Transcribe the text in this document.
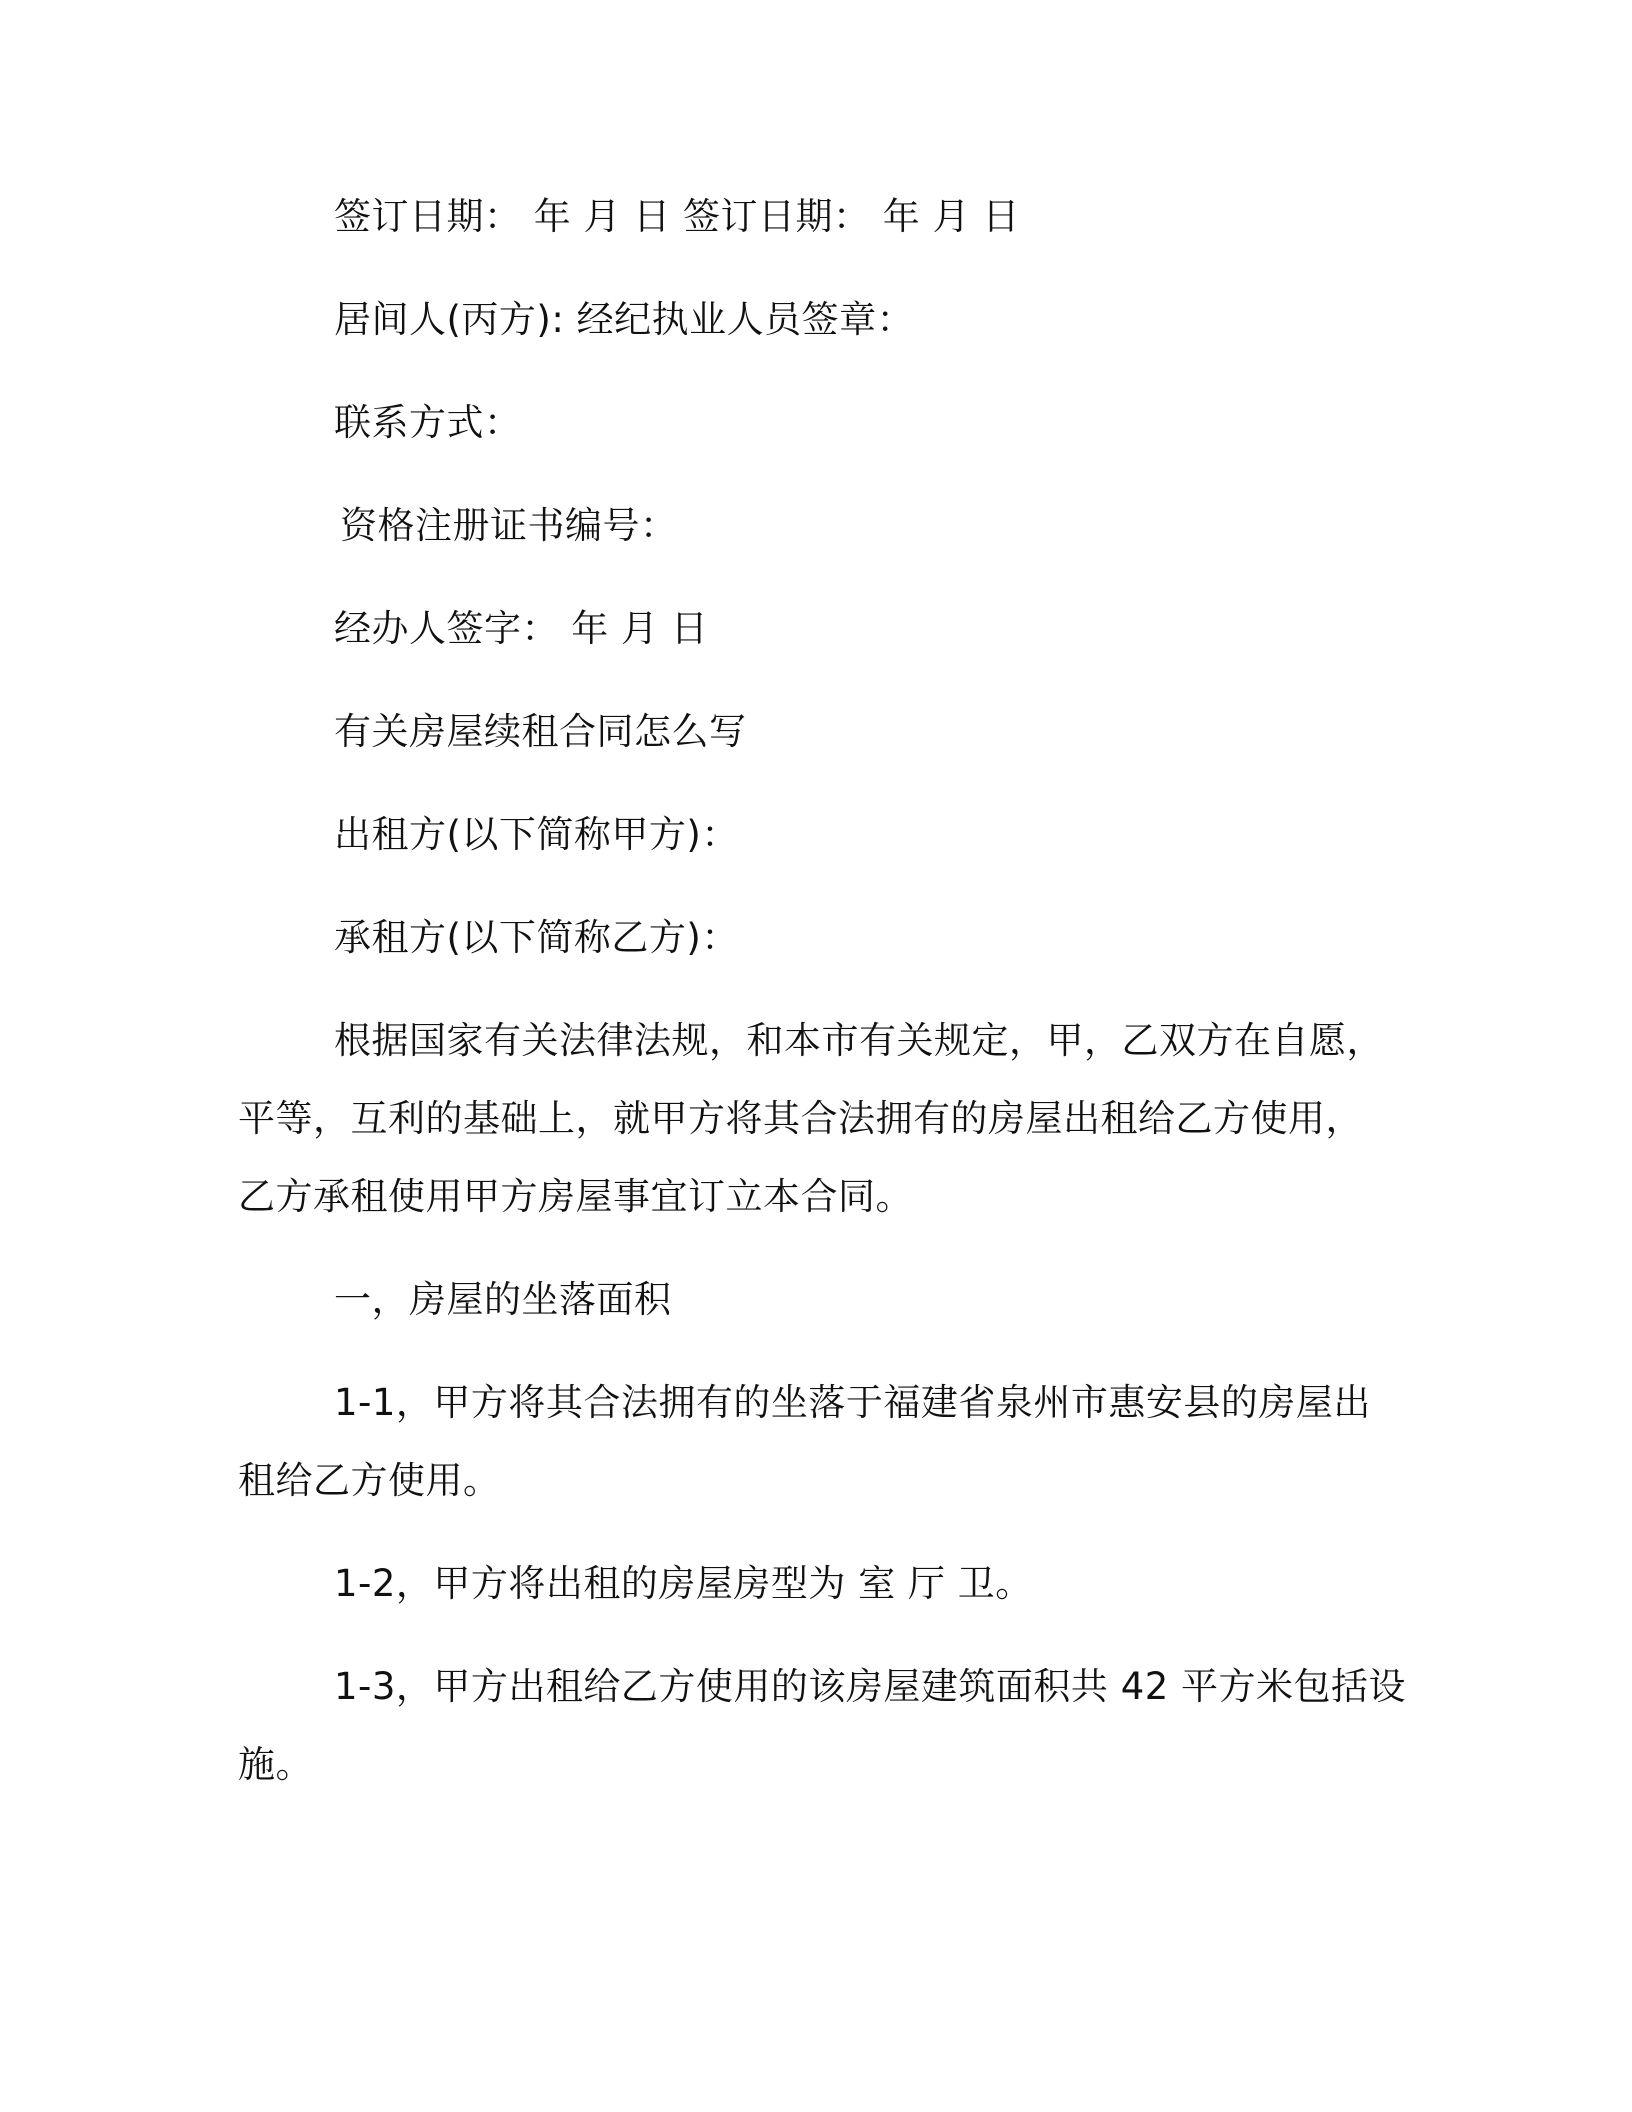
签订日期： 年 月 日 签订日期： 年 月 日
居间人(丙方): 经纪执业人员签章：
联系方式：
资格注册证书编号：
经办人签字： 年 月 日
有关房屋续租合同怎么写
出租方(以下简称甲方)：
承租方(以下简称乙方)：
根据国家有关法律法规，和本市有关规定，甲，乙双方在自愿，
平等，互利的基础上，就甲方将其合法拥有的房屋出租给乙方使用，
乙方承租使用甲方房屋事宜订立本合同。
一，房屋的坐落面积
1-1，甲方将其合法拥有的坐落于福建省泉州市惠安县的房屋出
租给乙方使用。
1-2，甲方将出租的房屋房型为 室 厅 卫。
1-3，甲方出租给乙方使用的该房屋建筑面积共 42 平方米包括设
施。
